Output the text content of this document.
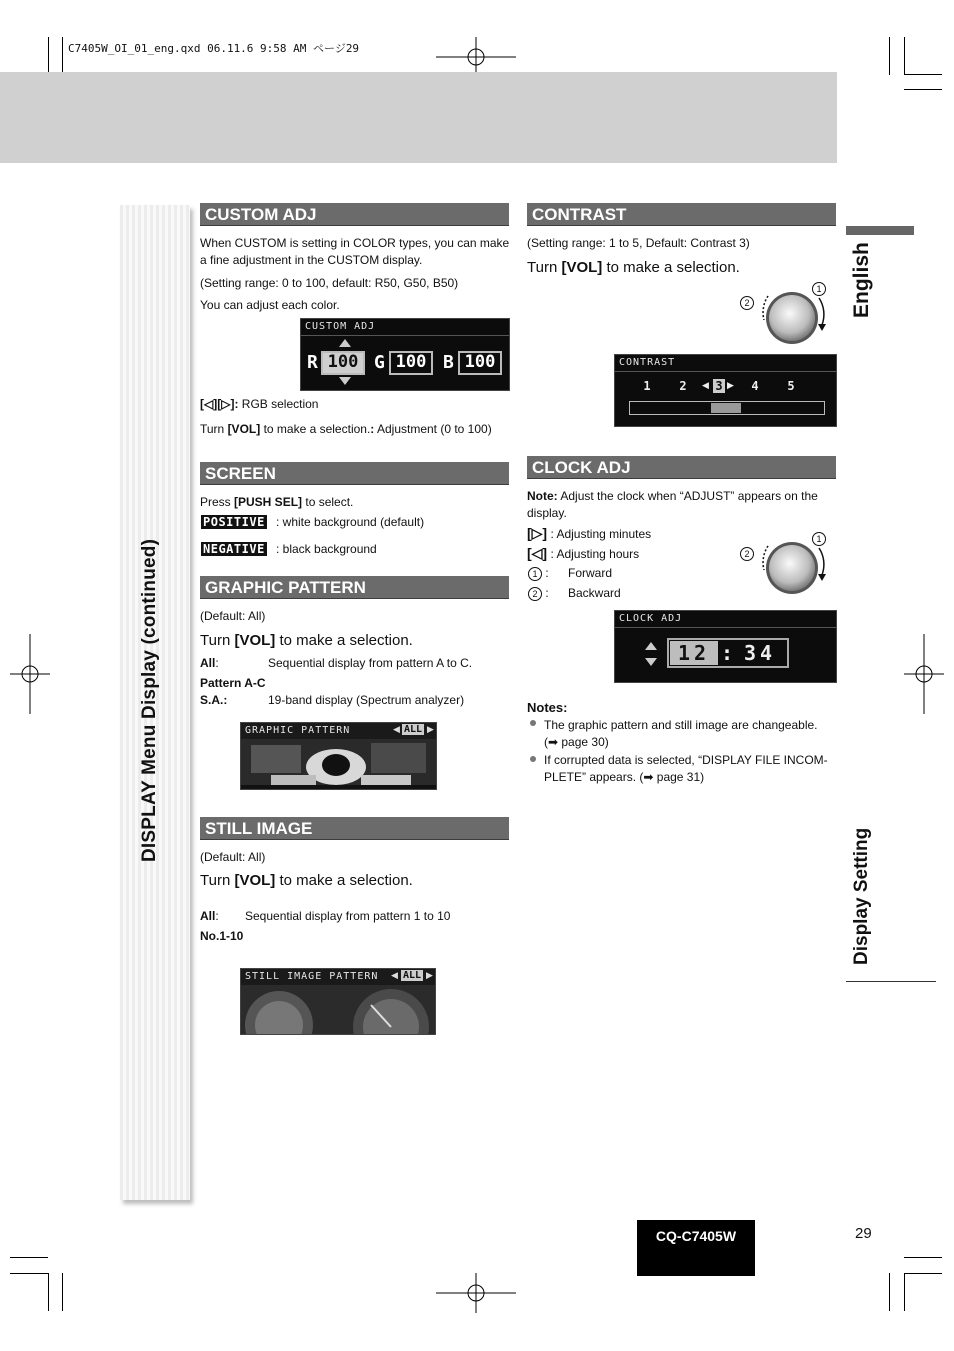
C7405W_OI_01_eng.qxd 06.11.6 9:58 AM ページ29
DISPLAY Menu Display (continued)
English
Display Setting
CUSTOM ADJ
When CUSTOM is setting in COLOR types, you can make a fine adjustment in the CUSTOM display.
(Setting range: 0 to 100, default: R50, G50, B50)
You can adjust each color.
CUSTOM ADJ
R 100 G 100 B 100
[◁][▷]: RGB selection
Turn [VOL] to make a selection.: Adjustment (0 to 100)
SCREEN
Press [PUSH SEL] to select.
POSITIVE : white background (default)
NEGATIVE : black background
GRAPHIC PATTERN
(Default: All)
Turn [VOL] to make a selection.
All:	Sequential display from pattern A to C.
Pattern A-C
S.A.:	19-band display (Spectrum analyzer)
GRAPHIC PATTERN	◀ ALL ▶
STILL IMAGE
(Default: All)
Turn [VOL] to make a selection.
All: Sequential display from pattern 1 to 10
No.1-10
STILL IMAGE PATTERN ◀ ALL ▶
CONTRAST
(Setting range: 1 to 5, Default: Contrast 3)
Turn [VOL] to make a selection.
2
1
CONTRAST
1 2 3
◀ ▶ 4 5
CLOCK ADJ
Note: Adjust the clock when “ADJUST” appears on the display.
[▷] : Adjusting minutes
[◁] : Adjusting hours
1 : Forward
2 : Backward
2
1
CLOCK ADJ
12 : 34
Notes:
The graphic pattern and still image are changeable.
(➡ page 30)
If corrupted data is selected, “DISPLAY FILE INCOM-PLETE” appears. (➡ page 31)
CQ-C7405W	29
